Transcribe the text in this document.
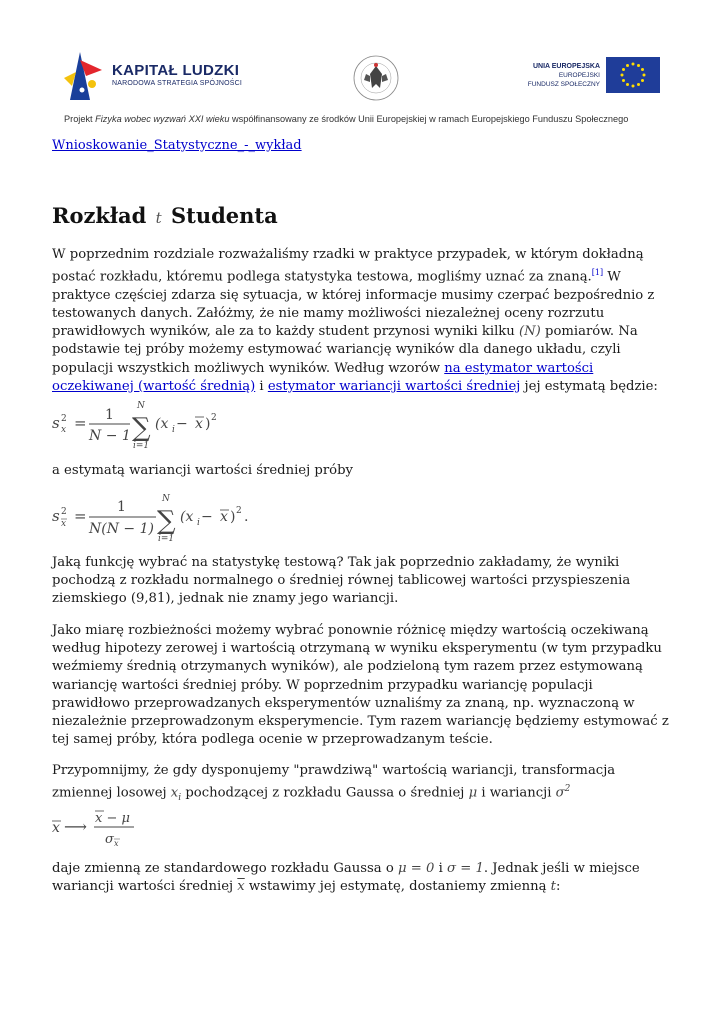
KAPITAŁ LUDZKI
NARODOWA STRATEGIA SPÓJNOŚCI
UNIA EUROPEJSKA
EUROPEJSKI
FUNDUSZ SPOŁECZNY
Projekt Fizyka wobec wyzwań XXI wieku współfinansowany ze środków Unii Europejskiej w ramach Europejskiego Funduszu Społecznego
Wnioskowanie_Statystyczne_-_wykład
Rozkład t Studenta

W poprzednim rozdziale rozważaliśmy rzadki w praktyce przypadek, w którym dokładną postać rozkładu, któremu podlega statystyka testowa, mogliśmy uznać za znaną.[1] W praktyce częściej zdarza się sytuacja, w której informacje musimy czerpać bezpośrednio z testowanych danych. Załóżmy, że nie mamy możliwości niezależnej oceny rozrzutu prawidłowych wyników, ale za to każdy student przynosi wyniki kilku (N) pomiarów. Na podstawie tej próby możemy estymować wariancję wyników dla danego układu, czyli populacji wszystkich możliwych wyników. Według wzorów na estymator wartości oczekiwanej (wartość średnią) i estymator wariancji wartości średniej jej estymatą będzie:

s 2
x = 1
N − 1
N
∑
i=1
(x i − x ) 2

a estymatą wariancji wartości średniej próby

s 2
x = 1
N(N − 1)
N
∑
i=1
(x i − x ) 2 .

Jaką funkcję wybrać na statystykę testową? Tak jak poprzednio zakładamy, że wyniki pochodzą z rozkładu normalnego o średniej równej tablicowej wartości przyspieszenia ziemskiego (9,81), jednak nie znamy jego wariancji.

Jako miarę rozbieżności możemy wybrać ponownie różnicę między wartością oczekiwaną według hipotezy zerowej i wartością otrzymaną w wyniku eksperymentu (w tym przypadku weźmiemy średnią otrzymanych wyników), ale podzieloną tym razem przez estymowaną wariancję wartości średniej próby. W poprzednim przypadku wariancję populacji prawidłowo przeprowadzanych eksperymentów uznaliśmy za znaną, np. wyznaczoną w niezależnie przeprowadzonym eksperymencie. Tym razem wariancję będziemy estymować z tej samej próby, która podlega ocenie w przeprowadzanym teście.

Przypomnijmy, że gdy dysponujemy "prawdziwą" wartością wariancji, transformacja zmiennej losowej $x_i$ pochodzącej z rozkładu Gaussa o średniej μ i wariancji $\sigma^2$

x ⟶ x − μ
σ x

daje zmienną ze standardowego rozkładu Gaussa o μ = 0 i σ = 1. Jednak jeśli w miejsce wariancji wartości średniej $\overline{x}$ wstawimy jej estymatę, dostaniemy zmienną t:
